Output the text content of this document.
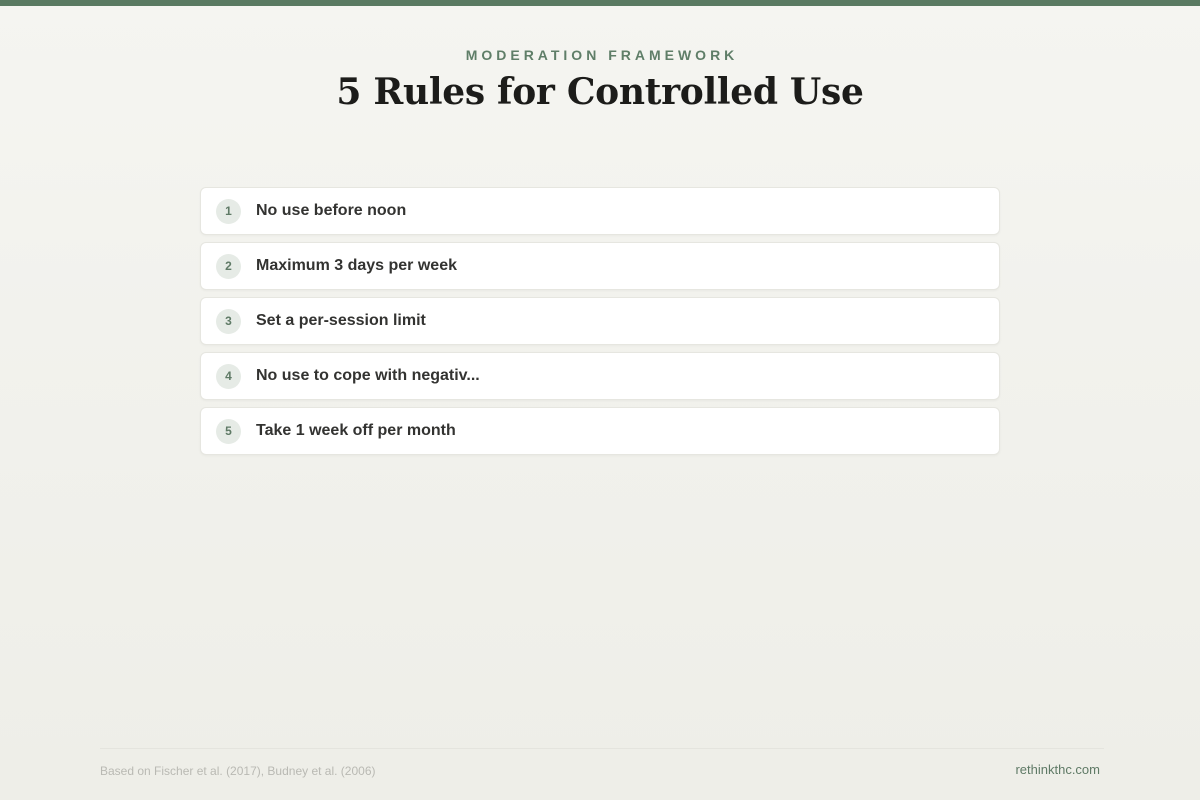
MODERATION FRAMEWORK
5 Rules for Controlled Use
1	No use before noon
2	Maximum 3 days per week
3	Set a per-session limit
4	No use to cope with negativ...
5	Take 1 week off per month
Based on Fischer et al. (2017), Budney et al. (2006)	rethinkthc.com
